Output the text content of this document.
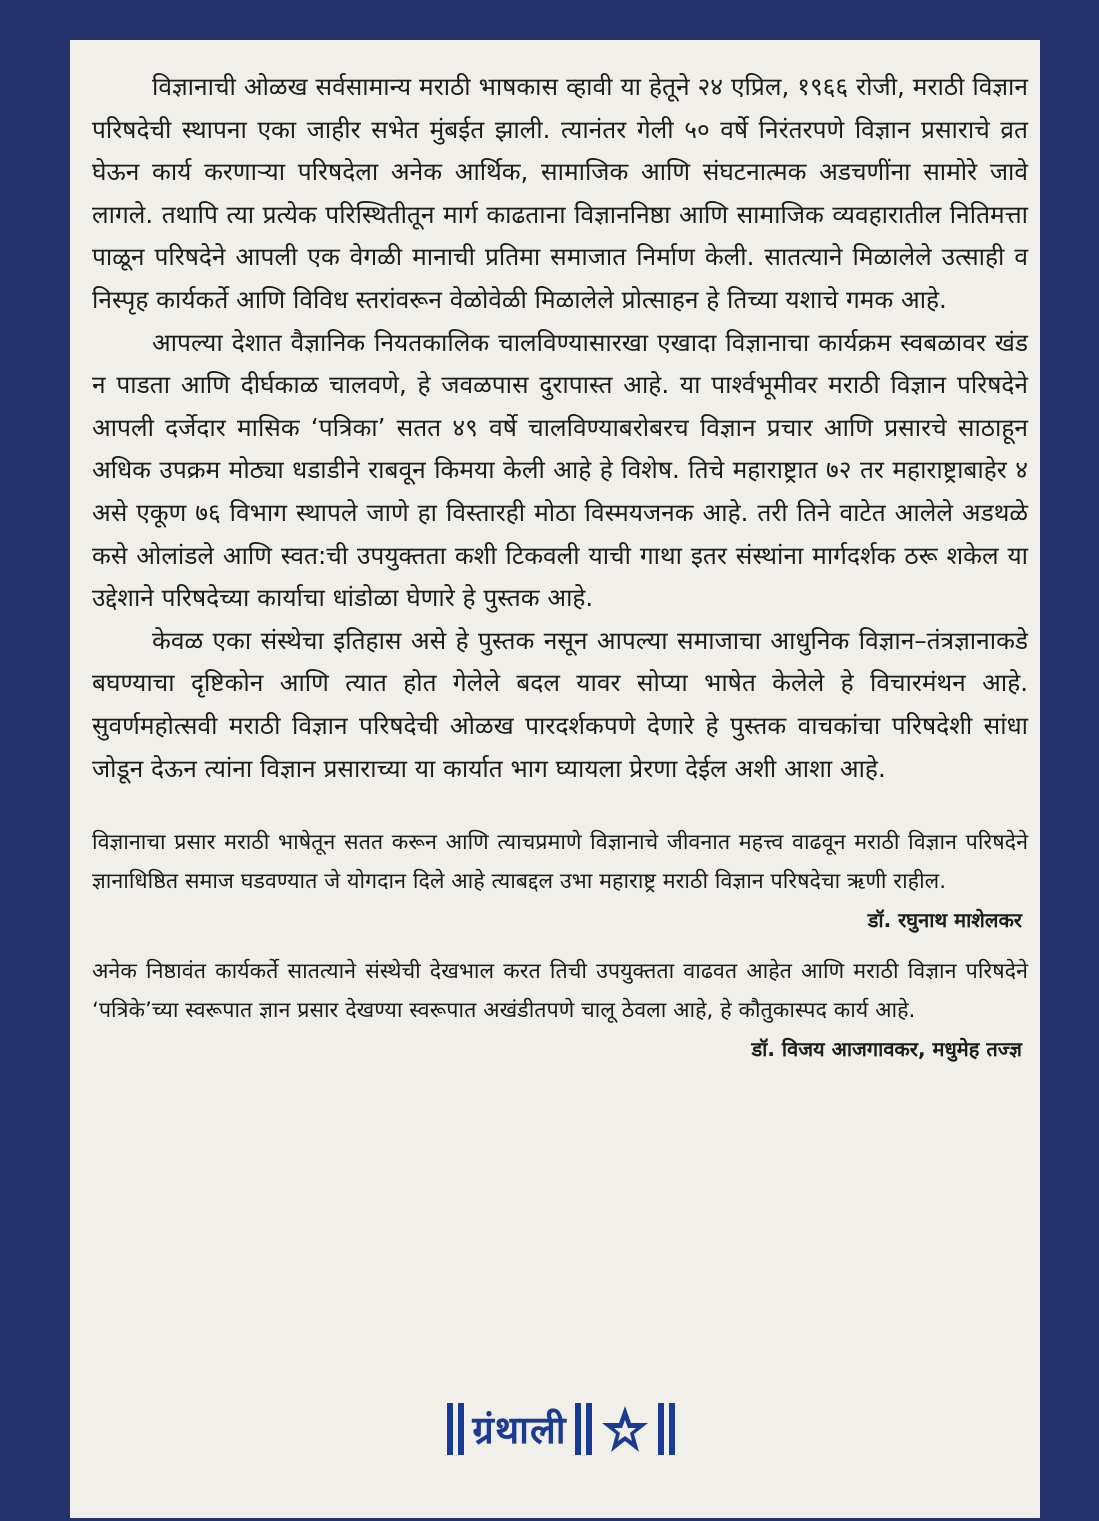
विज्ञानाची ओळख सर्वसामान्य मराठी भाषकास व्हावी या हेतूने २४ एप्रिल, १९६६ रोजी, मराठी विज्ञान परिषदेची स्थापना एका जाहीर सभेत मुंबईत झाली. त्यानंतर गेली ५० वर्षे निरंतरपणे विज्ञान प्रसाराचे व्रत घेऊन कार्य करणाऱ्या परिषदेला अनेक आर्थिक, सामाजिक आणि संघटनात्मक अडचणींना सामोरे जावे लागले. तथापि त्या प्रत्येक परिस्थितीतून मार्ग काढताना विज्ञाननिष्ठा आणि सामाजिक व्यवहारातील नितिमत्ता पाळून परिषदेने आपली एक वेगळी मानाची प्रतिमा समाजात निर्माण केली. सातत्याने मिळालेले उत्साही व निस्पृह कार्यकर्ते आणि विविध स्तरांवरून वेळोवेळी मिळालेले प्रोत्साहन हे तिच्या यशाचे गमक आहे.

आपल्या देशात वैज्ञानिक नियतकालिक चालविण्यासारखा एखादा विज्ञानाचा कार्यक्रम स्वबळावर खंड न पाडता आणि दीर्घकाळ चालवणे, हे जवळपास दुरापास्त आहे. या पार्श्वभूमीवर मराठी विज्ञान परिषदेने आपली दर्जेदार मासिक ‘पत्रिका’ सतत ४९ वर्षे चालविण्याबरोबरच विज्ञान प्रचार आणि प्रसारचे साठाहून अधिक उपक्रम मोठ्या धडाडीने राबवून किमया केली आहे हे विशेष. तिचे महाराष्ट्रात ७२ तर महाराष्ट्राबाहेर ४ असे एकूण ७६ विभाग स्थापले जाणे हा विस्तारही मोठा विस्मयजनक आहे. तरी तिने वाटेत आलेले अडथळे कसे ओलांडले आणि स्वत:ची उपयुक्तता कशी टिकवली याची गाथा इतर संस्थांना मार्गदर्शक ठरू शकेल या उद्देशाने परिषदेच्या कार्याचा धांडोळा घेणारे हे पुस्तक आहे.

केवळ एका संस्थेचा इतिहास असे हे पुस्तक नसून आपल्या समाजाचा आधुनिक विज्ञान–तंत्रज्ञानाकडे बघण्याचा दृष्टिकोन आणि त्यात होत गेलेले बदल यावर सोप्या भाषेत केलेले हे विचारमंथन आहे. सुवर्णमहोत्सवी मराठी विज्ञान परिषदेची ओळख पारदर्शकपणे देणारे हे पुस्तक वाचकांचा परिषदेशी सांधा जोडून देऊन त्यांना विज्ञान प्रसाराच्या या कार्यात भाग घ्यायला प्रेरणा देईल अशी आशा आहे.

विज्ञानाचा प्रसार मराठी भाषेतून सतत करून आणि त्याचप्रमाणे विज्ञानाचे जीवनात महत्त्व वाढवून मराठी विज्ञान परिषदेने ज्ञानाधिष्ठित समाज घडवण्यात जे योगदान दिले आहे त्याबद्दल उभा महाराष्ट्र मराठी विज्ञान परिषदेचा ऋणी राहील.

डॉ. रघुनाथ माशेलकर

अनेक निष्ठावंत कार्यकर्ते सातत्याने संस्थेची देखभाल करत तिची उपयुक्तता वाढवत आहेत आणि मराठी विज्ञान परिषदेने ‘पत्रिके’च्या स्वरूपात ज्ञान प्रसार देखण्या स्वरूपात अखंडीतपणे चालू ठेवला आहे, हे कौतुकास्पद कार्य आहे.

डॉ. विजय आजगावकर, मधुमेह तज्ज्ञ
ग्रंथाली
